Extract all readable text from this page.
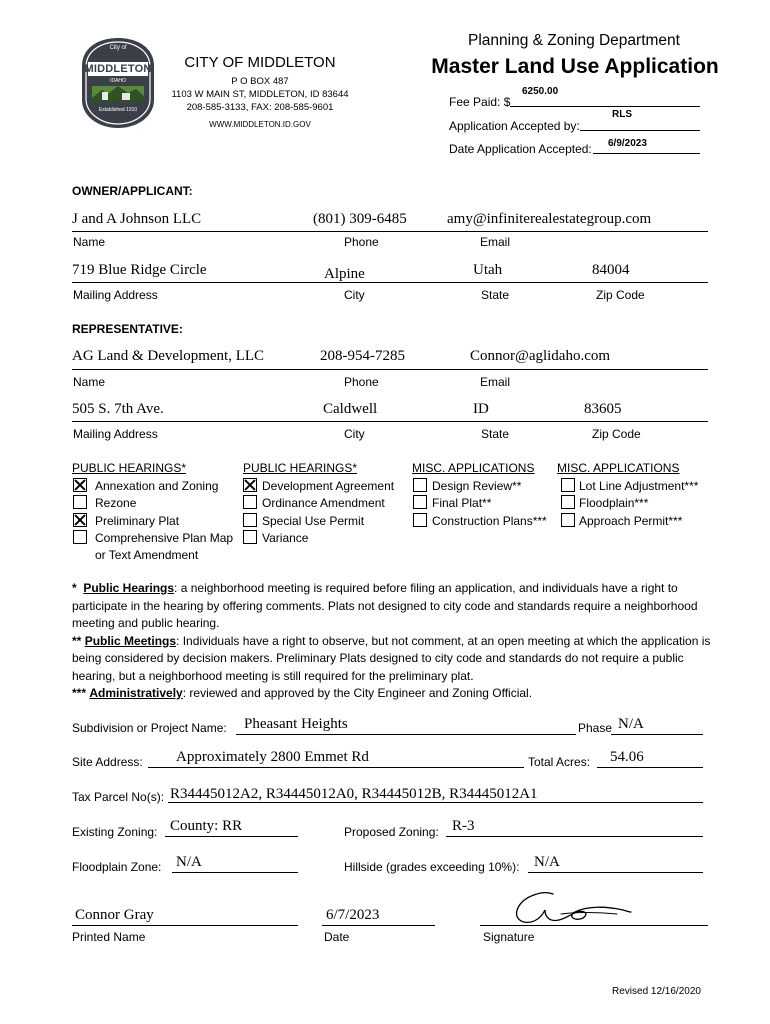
City of
MIDDLETON
IDAHO
Established 1910
CITY OF MIDDLETON
P O BOX 487
1103 W MAIN ST, MIDDLETON, ID 83644
208-585-3133, FAX: 208-585-9601
WWW.MIDDLETON.ID.GOV
Planning & Zoning Department
Master Land Use Application
Fee Paid: $
6250.00
Application Accepted by:
RLS
Date Application Accepted: 6/9/2023
OWNER/APPLICANT:
J and A Johnson LLC	(801) 309-6485	amy@infiniterealestategroup.com
Name	Phone	Email
719 Blue Ridge Circle	Alpine	Utah	84004
Mailing Address	City	State	Zip Code
REPRESENTATIVE:
AG Land & Development, LLC	208-954-7285	Connor@aglidaho.com
Name	Phone	Email
505 S. 7th Ave.	Caldwell	ID	83605
Mailing Address	City	State	Zip Code
PUBLIC HEARINGS*	PUBLIC HEARINGS*	MISC. APPLICATIONS MISC. APPLICATIONS
Annexation and Zoning
Rezone
Preliminary Plat
Comprehensive Plan Map
or Text Amendment
Development Agreement
Ordinance Amendment
Special Use Permit
Variance
Design Review**
Final Plat**
Construction Plans***
Lot Line Adjustment***
Floodplain***
Approach Permit***
* Public Hearings: a neighborhood meeting is required before filing an application, and individuals have a right to participate in the hearing by offering comments. Plats not designed to city code and standards require a neighborhood meeting and public hearing.
** Public Meetings: Individuals have a right to observe, but not comment, at an open meeting at which the application is being considered by decision makers. Preliminary Plats designed to city code and standards do not require a public hearing, but a neighborhood meeting is still required for the preliminary plat.
*** Administratively: reviewed and approved by the City Engineer and Zoning Official.
Subdivision or Project Name: Pheasant Heights	Phase N/A
Site Address: Approximately 2800 Emmet Rd	Total Acres: 54.06
Tax Parcel No(s): R34445012A2, R34445012A0, R34445012B, R34445012A1
Existing Zoning: County: RR	Proposed Zoning: R-3
Floodplain Zone: N/A	Hillside (grades exceeding 10%): N/A
Connor Gray
Printed Name
6/7/2023
Date	Signature
Revised 12/16/2020
